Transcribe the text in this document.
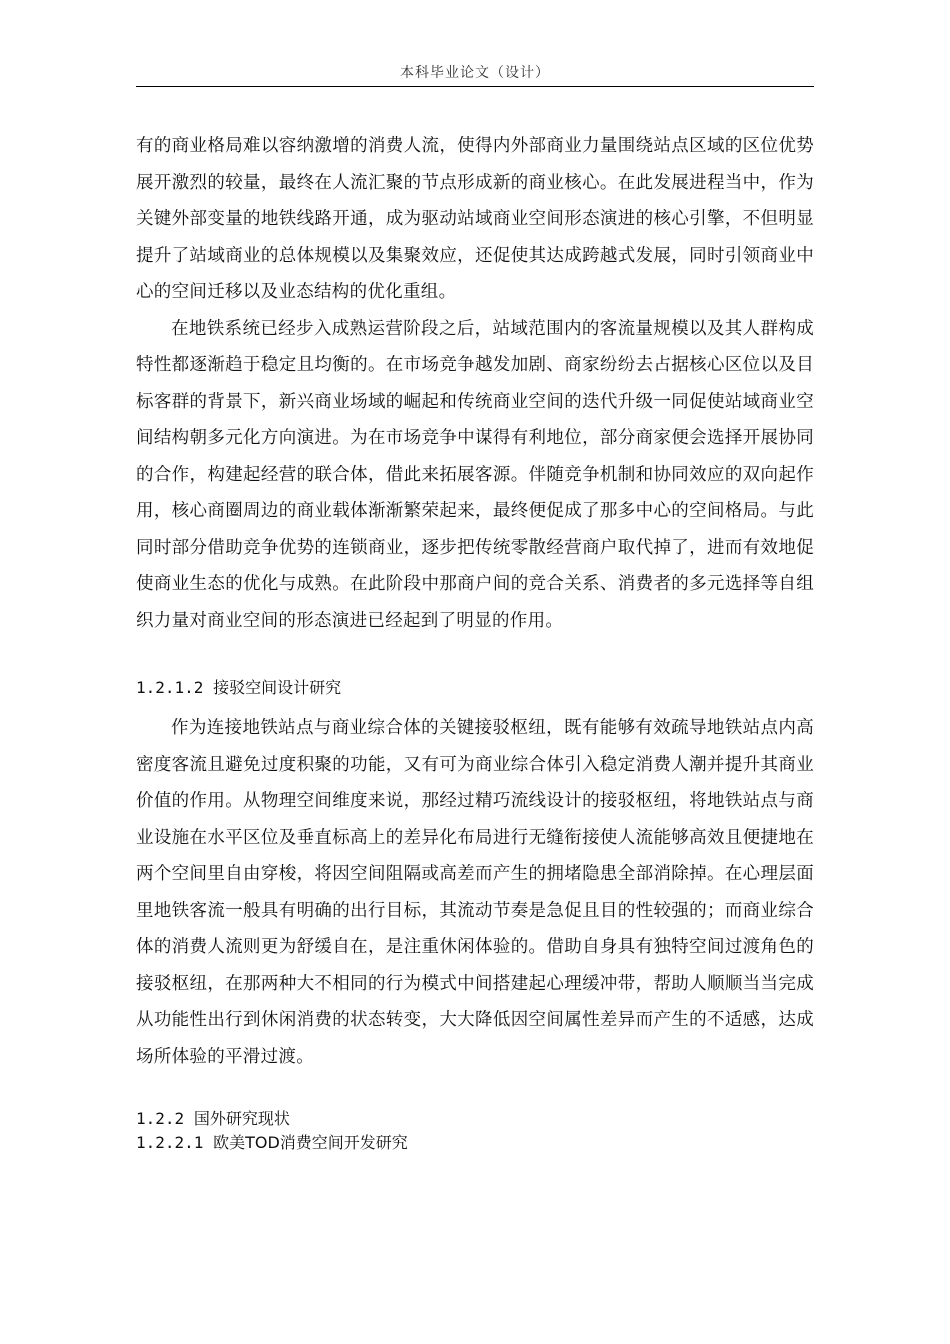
本科毕业论文（设计）

有的商业格局难以容纳激增的消费人流，使得内外部商业力量围绕站点区域的区位优势展开激烈的较量，最终在人流汇聚的节点形成新的商业核心。在此发展进程当中，作为关键外部变量的地铁线路开通，成为驱动站域商业空间形态演进的核心引擎，不但明显提升了站域商业的总体规模以及集聚效应，还促使其达成跨越式发展，同时引领商业中心的空间迁移以及业态结构的优化重组。

在地铁系统已经步入成熟运营阶段之后，站域范围内的客流量规模以及其人群构成特性都逐渐趋于稳定且均衡的。在市场竞争越发加剧、商家纷纷去占据核心区位以及目标客群的背景下，新兴商业场域的崛起和传统商业空间的迭代升级一同促使站域商业空间结构朝多元化方向演进。为在市场竞争中谋得有利地位，部分商家便会选择开展协同的合作，构建起经营的联合体，借此来拓展客源。伴随竞争机制和协同效应的双向起作用，核心商圈周边的商业载体渐渐繁荣起来，最终便促成了那多中心的空间格局。与此同时部分借助竞争优势的连锁商业，逐步把传统零散经营商户取代掉了，进而有效地促使商业生态的优化与成熟。在此阶段中那商户间的竞合关系、消费者的多元选择等自组织力量对商业空间的形态演进已经起到了明显的作用。

1.2.1.2 接驳空间设计研究

作为连接地铁站点与商业综合体的关键接驳枢纽，既有能够有效疏导地铁站点内高密度客流且避免过度积聚的功能，又有可为商业综合体引入稳定消费人潮并提升其商业价值的作用。从物理空间维度来说，那经过精巧流线设计的接驳枢纽，将地铁站点与商业设施在水平区位及垂直标高上的差异化布局进行无缝衔接使人流能够高效且便捷地在两个空间里自由穿梭，将因空间阻隔或高差而产生的拥堵隐患全部消除掉。在心理层面里地铁客流一般具有明确的出行目标，其流动节奏是急促且目的性较强的；而商业综合体的消费人流则更为舒缓自在，是注重休闲体验的。借助自身具有独特空间过渡角色的接驳枢纽，在那两种大不相同的行为模式中间搭建起心理缓冲带，帮助人顺顺当当完成从功能性出行到休闲消费的状态转变，大大降低因空间属性差异而产生的不适感，达成场所体验的平滑过渡。

1.2.2 国外研究现状

1.2.2.1 欧美TOD消费空间开发研究
